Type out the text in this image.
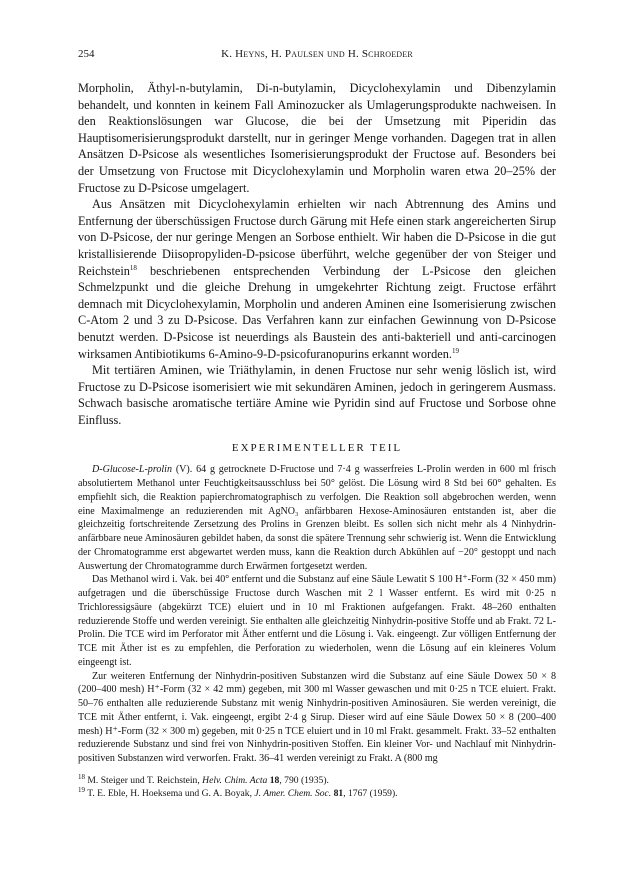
254	K. Heyns, H. Paulsen und H. Schroeder

Morpholin, Äthyl-n-butylamin, Di-n-butylamin, Dicyclohexylamin und Dibenzylamin behandelt, und konnten in keinem Fall Aminozucker als Umlagerungsprodukte nachweisen. In den Reaktionslösungen war Glucose, die bei der Umsetzung mit Piperidin das Hauptisomerisierungsprodukt darstellt, nur in geringer Menge vorhanden. Dagegen trat in allen Ansätzen D-Psicose als wesentliches Isomerisierungsprodukt der Fructose auf. Besonders bei der Umsetzung von Fructose mit Dicyclohexylamin und Morpholin waren etwa 20–25% der Fructose zu D-Psicose umgelagert.

Aus Ansätzen mit Dicyclohexylamin erhielten wir nach Abtrennung des Amins und Entfernung der überschüssigen Fructose durch Gärung mit Hefe einen stark angereicherten Sirup von D-Psicose, der nur geringe Mengen an Sorbose enthielt. Wir haben die D-Psicose in die gut kristallisierende Diisopropyliden-D-psicose überführt, welche gegenüber der von Steiger und Reichstein$^{18}$ beschriebenen entsprechenden Verbindung der L-Psicose den gleichen Schmelzpunkt und die gleiche Drehung in umgekehrter Richtung zeigt. Fructose erfährt demnach mit Dicyclohexylamin, Morpholin und anderen Aminen eine Isomerisierung zwischen C-Atom 2 und 3 zu D-Psicose. Das Verfahren kann zur einfachen Gewinnung von D-Psicose benutzt werden. D-Psicose ist neuerdings als Baustein des anti-bakteriell und anti-carcinogen wirksamen Antibiotikums 6-Amino-9-D-psicofuranopurins erkannt worden.$^{19}$

Mit tertiären Aminen, wie Triäthylamin, in denen Fructose nur sehr wenig löslich ist, wird Fructose zu D-Psicose isomerisiert wie mit sekundären Aminen, jedoch in geringerem Ausmass. Schwach basische aromatische tertiäre Amine wie Pyridin sind auf Fructose und Sorbose ohne Einfluss.

EXPERIMENTELLER TEIL

D-Glucose-L-prolin (V). 64 g getrocknete D-Fructose und 7·4 g wasserfreies L-Prolin werden in 600 ml frisch absolutiertem Methanol unter Feuchtigkeitsausschluss bei 50° gelöst. Die Lösung wird 8 Std bei 60° gehalten. Es empfiehlt sich, die Reaktion papierchromatographisch zu verfolgen. Die Reaktion soll abgebrochen werden, wenn eine Maximalmenge an reduzierenden mit AgNO₃ anfärbbaren Hexose-Aminosäuren entstanden ist, aber die gleichzeitig fortschreitende Zersetzung des Prolins in Grenzen bleibt. Es sollen sich nicht mehr als 4 Ninhydrin-anfärbbare neue Aminosäuren gebildet haben, da sonst die spätere Trennung sehr schwierig ist. Wenn die Entwicklung der Chromatogramme erst abgewartet werden muss, kann die Reaktion durch Abkühlen auf −20° gestoppt und nach Auswertung der Chromatogramme durch Erwärmen fortgesetzt werden.

Das Methanol wird i. Vak. bei 40° entfernt und die Substanz auf eine Säule Lewatit S 100 H⁺-Form (32 × 450 mm) aufgetragen und die überschüssige Fructose durch Waschen mit 2 l Wasser entfernt. Es wird mit 0·25 n Trichloressigsäure (abgekürzt TCE) eluiert und in 10 ml Fraktionen aufgefangen. Frakt. 48–260 enthalten reduzierende Stoffe und werden vereinigt. Sie enthalten alle gleichzeitig Ninhydrin-positive Stoffe und ab Frakt. 72 L-Prolin. Die TCE wird im Perforator mit Äther entfernt und die Lösung i. Vak. eingeengt. Zur völligen Entfernung der TCE mit Äther ist es zu empfehlen, die Perforation zu wiederholen, wenn die Lösung auf ein kleineres Volum eingeengt ist.

Zur weiteren Entfernung der Ninhydrin-positiven Substanzen wird die Substanz auf eine Säule Dowex 50 × 8 (200–400 mesh) H⁺-Form (32 × 42 mm) gegeben, mit 300 ml Wasser gewaschen und mit 0·25 n TCE eluiert. Frakt. 50–76 enthalten alle reduzierende Substanz mit wenig Ninhydrin-positiven Aminosäuren. Sie werden vereinigt, die TCE mit Äther entfernt, i. Vak. eingeengt, ergibt 2·4 g Sirup. Dieser wird auf eine Säule Dowex 50 × 8 (200–400 mesh) H⁺-Form (32 × 300 m) gegeben, mit 0·25 n TCE eluiert und in 10 ml Frakt. gesammelt. Frakt. 33–52 enthalten reduzierende Substanz und sind frei von Ninhydrin-positiven Stoffen. Ein kleiner Vor- und Nachlauf mit Ninhydrin-positiven Substanzen wird verworfen. Frakt. 36–41 werden vereinigt zu Frakt. A (800 mg

$^{18}$ M. Steiger und T. Reichstein, Helv. Chim. Acta 18, 790 (1935).

$^{19}$ T. E. Eble, H. Hoeksema und G. A. Boyak, J. Amer. Chem. Soc. 81, 1767 (1959).
